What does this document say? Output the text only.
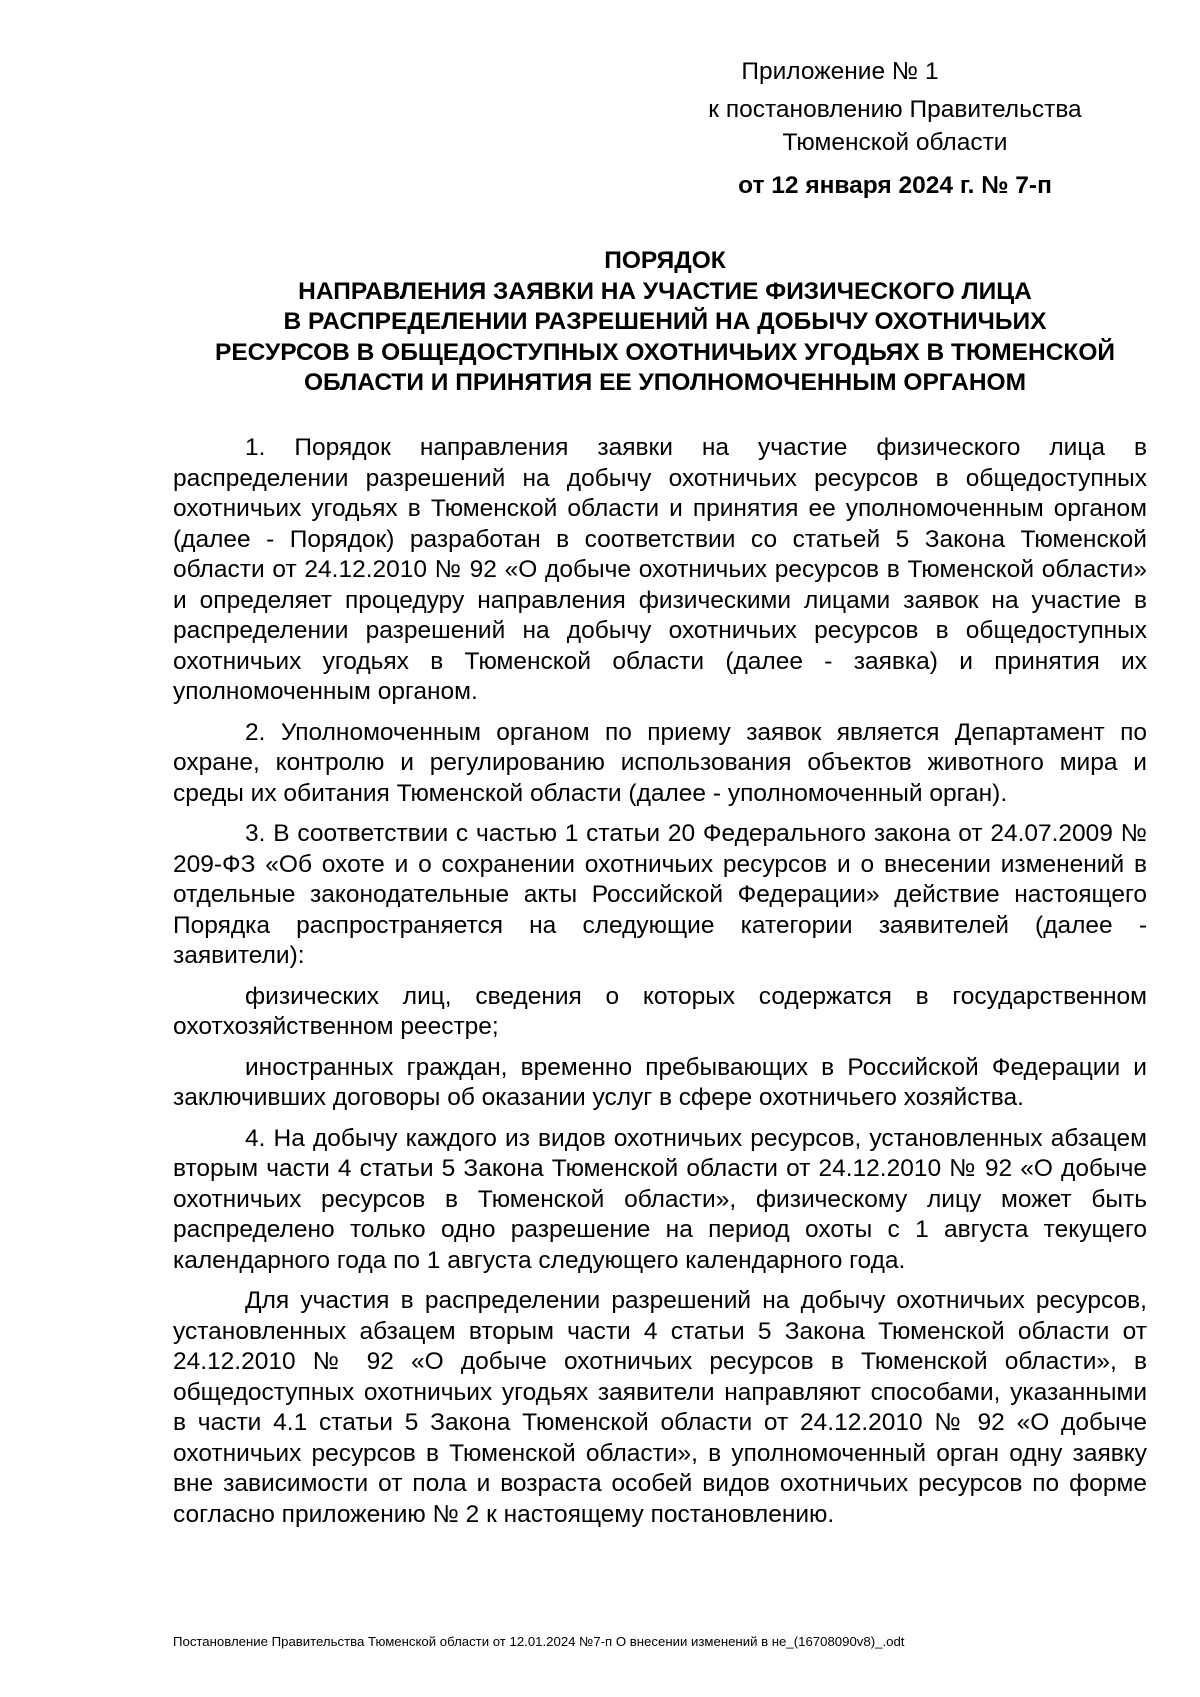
Приложение № 1
к постановлению Правительства
Тюменской области
от 12 января 2024 г. № 7-п
ПОРЯДОК
НАПРАВЛЕНИЯ ЗАЯВКИ НА УЧАСТИЕ ФИЗИЧЕСКОГО ЛИЦА
В РАСПРЕДЕЛЕНИИ РАЗРЕШЕНИЙ НА ДОБЫЧУ ОХОТНИЧЬИХ
РЕСУРСОВ В ОБЩЕДОСТУПНЫХ ОХОТНИЧЬИХ УГОДЬЯХ В ТЮМЕНСКОЙ
ОБЛАСТИ И ПРИНЯТИЯ ЕЕ УПОЛНОМОЧЕННЫМ ОРГАНОМ

1. Порядок направления заявки на участие физического лица в распределении разрешений на добычу охотничьих ресурсов в общедоступных охотничьих угодьях в Тюменской области и принятия ее уполномоченным органом (далее - Порядок) разработан в соответствии со статьей 5 Закона Тюменской области от 24.12.2010 № 92 «О добыче охотничьих ресурсов в Тюменской области» и определяет процедуру направления физическими лицами заявок на участие в распределении разрешений на добычу охотничьих ресурсов в общедоступных охотничьих угодьях в Тюменской области (далее - заявка) и принятия их уполномоченным органом.

2. Уполномоченным органом по приему заявок является Департамент по охране, контролю и регулированию использования объектов животного мира и среды их обитания Тюменской области (далее - уполномоченный орган).

3. В соответствии с частью 1 статьи 20 Федерального закона от 24.07.2009 № 209-ФЗ «Об охоте и о сохранении охотничьих ресурсов и о внесении изменений в отдельные законодательные акты Российской Федерации» действие настоящего Порядка распространяется на следующие категории заявителей (далее - заявители):

физических лиц, сведения о которых содержатся в государственном охотхозяйственном реестре;

иностранных граждан, временно пребывающих в Российской Федерации и заключивших договоры об оказании услуг в сфере охотничьего хозяйства.

4. На добычу каждого из видов охотничьих ресурсов, установленных абзацем вторым части 4 статьи 5 Закона Тюменской области от 24.12.2010 № 92 «О добыче охотничьих ресурсов в Тюменской области», физическому лицу может быть распределено только одно разрешение на период охоты с 1 августа текущего календарного года по 1 августа следующего календарного года.

Для участия в распределении разрешений на добычу охотничьих ресурсов, установленных абзацем вторым части 4 статьи 5 Закона Тюменской области от 24.12.2010 № 92 «О добыче охотничьих ресурсов в Тюменской области», в общедоступных охотничьих угодьях заявители направляют способами, указанными в части 4.1 статьи 5 Закона Тюменской области от 24.12.2010 № 92 «О добыче охотничьих ресурсов в Тюменской области», в уполномоченный орган одну заявку вне зависимости от пола и возраста особей видов охотничьих ресурсов по форме согласно приложению № 2 к настоящему постановлению.

Постановление Правительства Тюменской области от 12.01.2024 №7-п О внесении изменений в не_(16708090v8)_.odt
